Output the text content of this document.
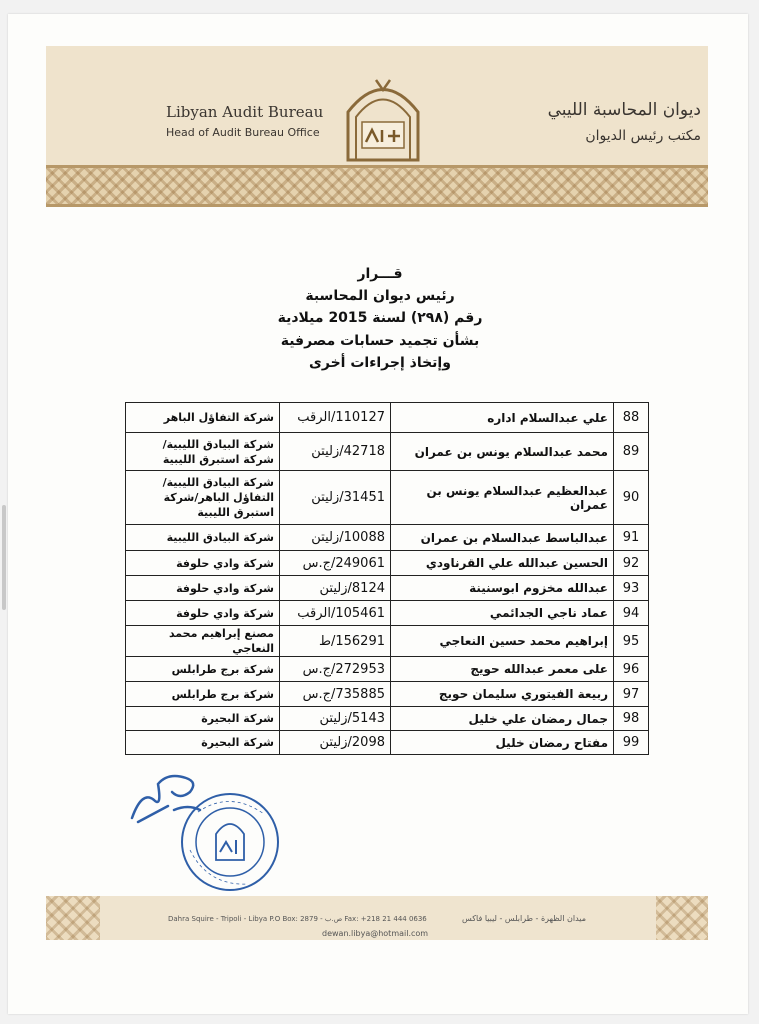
Libyan Audit Bureau
Head of Audit Bureau Office
ديوان المحاسبة الليبي
مكتب رئيس الديوان
قـــرار
رئيس ديوان المحاسبة
رقم (٢٩٨) لسنة 2015 ميلادية
بشأن تجميد حسابات مصرفية
وإتخاذ إجراءات أخرى
88	علي عبدالسلام اداره	110127/الرقب	شركة التفاؤل الباهر
89	محمد عبدالسلام يونس بن عمران	42718/زليتن	شركة البيادق الليبية/ شركة استبرق الليبية
90	عبدالعظيم عبدالسلام يونس بن عمران	31451/زليتن	شركة البيادق الليبية/ التفاؤل الباهر/شركة استبرق الليبية
91	عبدالباسط عبدالسلام بن عمران	10088/زليتن	شركة البيادق الليبية
92	الحسين عبدالله علي القرناودي	249061/ج.س	شركة وادي حلوفة
93	عبدالله مخزوم ابوسنينة	8124/زليتن	شركة وادي حلوفة
94	عماد ناجي الجدائمي	105461/الرقب	شركة وادي حلوفة
95	إبراهيم محمد حسين النعاجي	156291/ط	مصنع إبراهيم محمد النعاجي
96	على معمر عبدالله حويج	272953/ج.س	شركة برج طرابلس
97	ربيعة الفيتوري سليمان حويج	735885/ج.س	شركة برج طرابلس
98	جمال رمضان علي خليل	5143/زليتن	شركة البحيرة
99	مفتاح رمضان خليل	2098/زليتن	شركة البحيرة
Dahra Squire - Tripoli - Libya P.O Box: 2879 - ص.ب Fax: +218 21 444 0636	ميدان الظهرة - طرابلس - ليبيا فاكس
dewan.libya@hotmail.com
